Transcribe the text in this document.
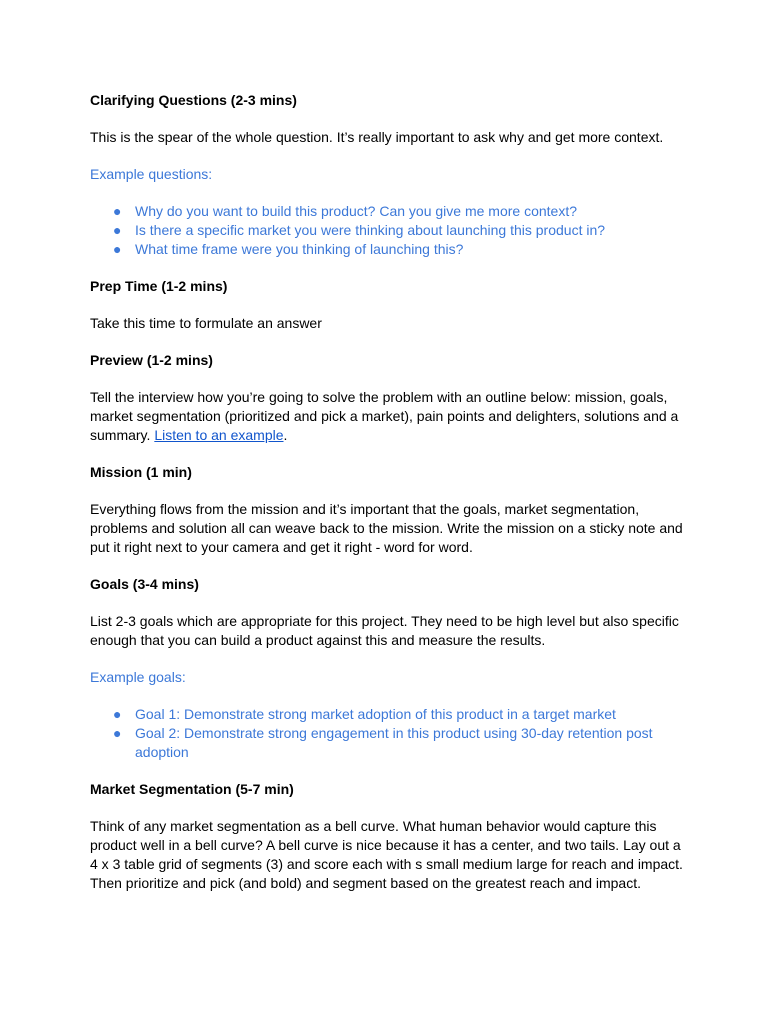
Clarifying Questions (2-3 mins)
This is the spear of the whole question. It’s really important to ask why and get more context.
Example questions:
● Why do you want to build this product? Can you give me more context?
● Is there a specific market you were thinking about launching this product in?
● What time frame were you thinking of launching this?
Prep Time (1-2 mins)
Take this time to formulate an answer
Preview (1-2 mins)
Tell the interview how you’re going to solve the problem with an outline below: mission, goals, market segmentation (prioritized and pick a market), pain points and delighters, solutions and a summary. Listen to an example.
Mission (1 min)
Everything flows from the mission and it’s important that the goals, market segmentation, problems and solution all can weave back to the mission. Write the mission on a sticky note and put it right next to your camera and get it right - word for word.
Goals (3-4 mins)
List 2-3 goals which are appropriate for this project. They need to be high level but also specific enough that you can build a product against this and measure the results.
Example goals:
● Goal 1: Demonstrate strong market adoption of this product in a target market
● Goal 2: Demonstrate strong engagement in this product using 30-day retention post adoption
Market Segmentation (5-7 min)
Think of any market segmentation as a bell curve. What human behavior would capture this product well in a bell curve? A bell curve is nice because it has a center, and two tails. Lay out a 4 x 3 table grid of segments (3) and score each with s small medium large for reach and impact. Then prioritize and pick (and bold) and segment based on the greatest reach and impact.
